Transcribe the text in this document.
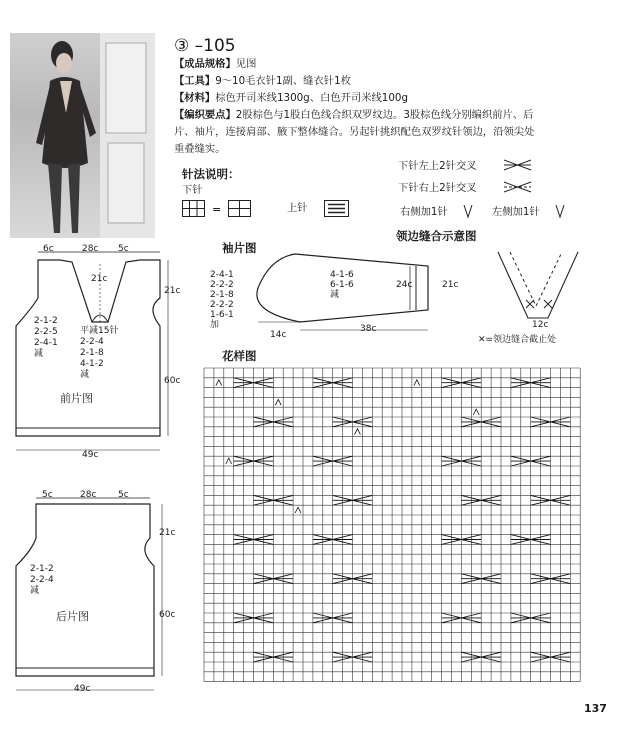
③ –105
【成品规格】见图
【工具】9～10毛衣针1副、缝衣针1枚
【材料】棕色开司米线1300g、白色开司米线100g
【编织要点】2股棕色与1股白色线合织双罗纹边。3股棕色线分别编织前片、后
片、袖片，连接肩部、腋下整体缝合。另起针挑织配色双罗纹针领边，沿领尖处
重叠缝实。
针法说明：
下针
=	上针
下针左上2针交叉
下针右上2针交叉
右侧加1针	左侧加1针
6c	28c 5c
21c
21c
60c
49c
2-1-2
2-2-5
2-4-1
减
平减15针
2-2-4
2-1-8
4-1-2
减
前片图
5c	28c 5c
21c
60c
49c
2-1-2
2-2-4
减
后片图
袖片图
2-4-1
2-2-2
2-1-8
2-2-2
1-6-1
加
4-1-6
6-1-6
减
24c	21c
38c
14c
领边缝合示意图
12c
✕=领边缝合截止处
花样图
137
